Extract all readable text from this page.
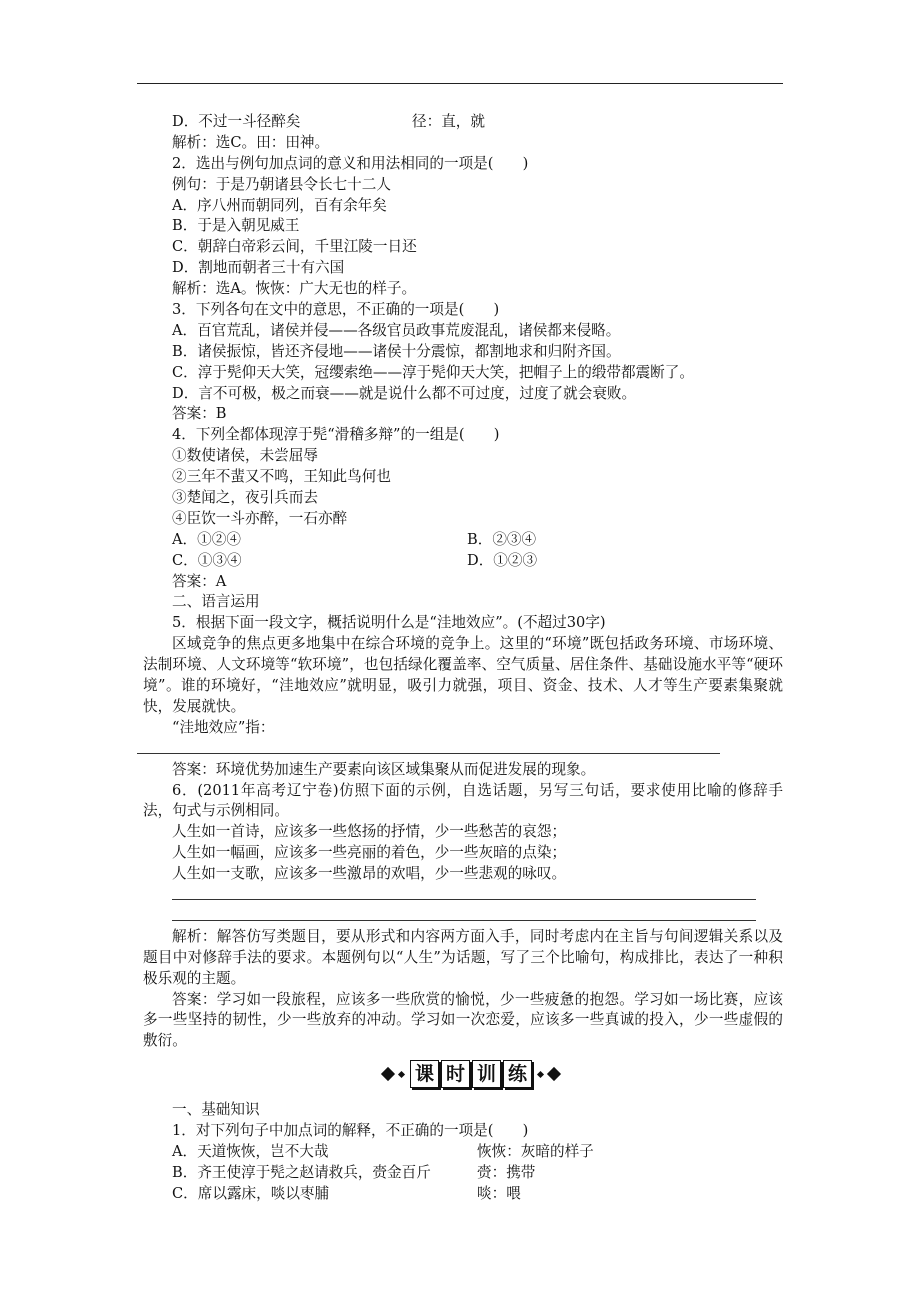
D．不过一斗径醉矣	径：直，就
解析：选C。田：田神。
2．选出与例句加点词的意义和用法相同的一项是(　　)
例句：于是乃朝诸县令长七十二人
A．序八州而朝同列，百有余年矣
B．于是入朝见威王
C．朝辞白帝彩云间，千里江陵一日还
D．割地而朝者三十有六国
解析：选A。恢恢：广大无也的样子。
3．下列各句在文中的意思，不正确的一项是(　　)
A．百官荒乱，诸侯并侵——各级官员政事荒废混乱，诸侯都来侵略。
B．诸侯振惊，皆还齐侵地——诸侯十分震惊，都割地求和归附齐国。
C．淳于髡仰天大笑，冠缨索绝——淳于髡仰天大笑，把帽子上的缎带都震断了。
D．言不可极，极之而衰——就是说什么都不可过度，过度了就会衰败。
答案：B
4．下列全都体现淳于髡“滑稽多辩”的一组是(　　)
①数使诸侯，未尝屈辱
②三年不蜚又不鸣，王知此鸟何也
③楚闻之，夜引兵而去
④臣饮一斗亦醉，一石亦醉
A．①②④	B．②③④
C．①③④	D．①②③
答案：A
二、语言运用
5．根据下面一段文字，概括说明什么是“洼地效应”。(不超过30字)
区域竞争的焦点更多地集中在综合环境的竞争上。这里的“环境”既包括政务环境、市场环境、法制环境、人文环境等“软环境”，也包括绿化覆盖率、空气质量、居住条件、基础设施水平等“硬环境”。谁的环境好，“洼地效应”就明显，吸引力就强，项目、资金、技术、人才等生产要素集聚就快，发展就快。
“洼地效应”指：
答案：环境优势加速生产要素向该区域集聚从而促进发展的现象。
6．(2011年高考辽宁卷)仿照下面的示例，自选话题，另写三句话，要求使用比喻的修辞手法，句式与示例相同。
人生如一首诗，应该多一些悠扬的抒情，少一些愁苦的哀怨；
人生如一幅画，应该多一些亮丽的着色，少一些灰暗的点染；
人生如一支歌，应该多一些激昂的欢唱，少一些悲观的咏叹。
解析：解答仿写类题目，要从形式和内容两方面入手，同时考虑内在主旨与句间逻辑关系以及题目中对修辞手法的要求。本题例句以“人生”为话题，写了三个比喻句，构成排比，表达了一种积极乐观的主题。
答案：学习如一段旅程，应该多一些欣赏的愉悦，少一些疲惫的抱怨。学习如一场比赛，应该多一些坚持的韧性，少一些放弃的冲动。学习如一次恋爱，应该多一些真诚的投入，少一些虚假的敷衍。
课 时 训 练
一、基础知识
1．对下列句子中加点词的解释，不正确的一项是(　　)
A．天道恢恢，岂不大哉	恢恢：灰暗的样子
B．齐王使淳于髡之赵请救兵，赍金百斤	赍：携带
C．席以露床，啖以枣脯	啖：喂
